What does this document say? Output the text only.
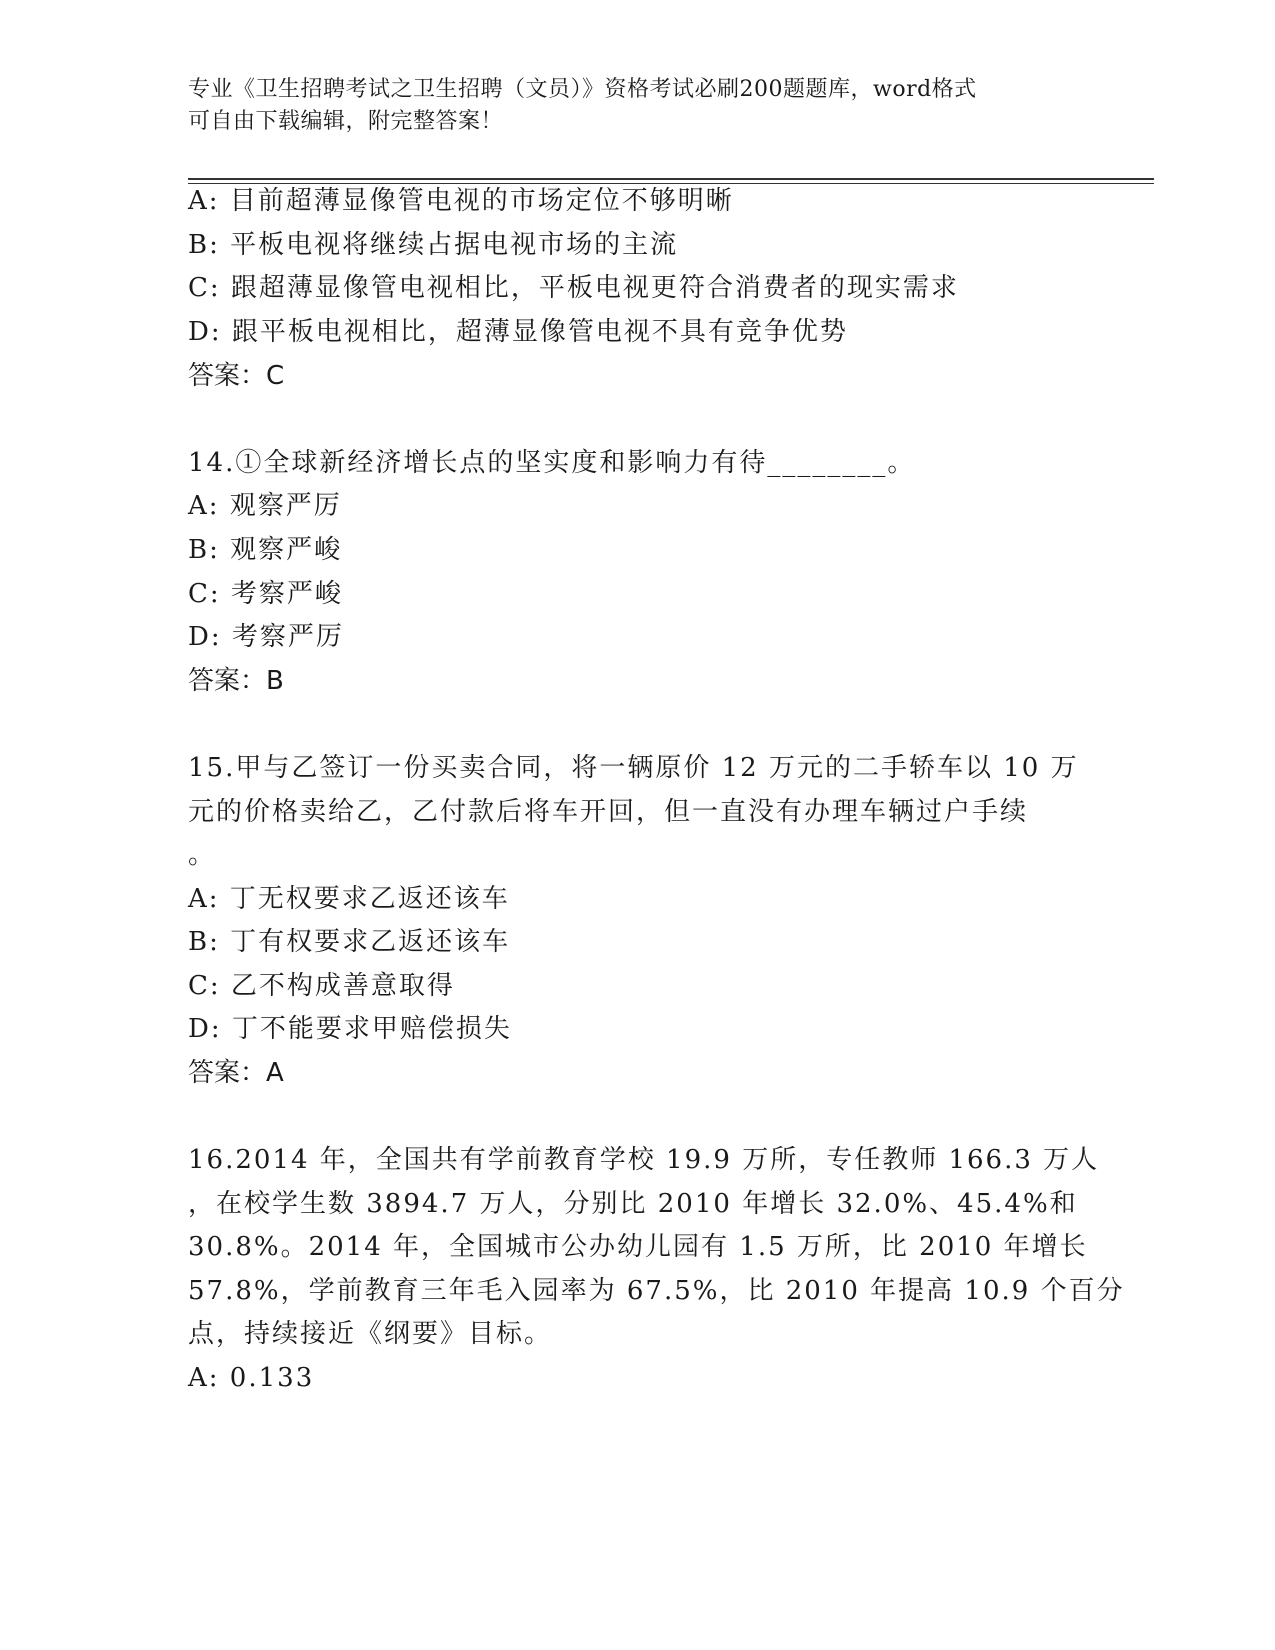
专业《卫生招聘考试之卫生招聘（文员）》资格考试必刷200题题库，word格式
可自由下载编辑，附完整答案！
A: 目前超薄显像管电视的市场定位不够明晰
B: 平板电视将继续占据电视市场的主流
C: 跟超薄显像管电视相比，平板电视更符合消费者的现实需求
D: 跟平板电视相比，超薄显像管电视不具有竞争优势
答案：C
14.①全球新经济增长点的坚实度和影响力有待________。
A: 观察严厉
B: 观察严峻
C: 考察严峻
D: 考察严厉
答案：B
15.甲与乙签订一份买卖合同，将一辆原价 12 万元的二手轿车以 10 万
元的价格卖给乙，乙付款后将车开回，但一直没有办理车辆过户手续
。
A: 丁无权要求乙返还该车
B: 丁有权要求乙返还该车
C: 乙不构成善意取得
D: 丁不能要求甲赔偿损失
答案：A
16.2014 年，全国共有学前教育学校 19.9 万所，专任教师 166.3 万人
，在校学生数 3894.7 万人，分别比 2010 年增长 32.0%、45.4%和
30.8%。2014 年，全国城市公办幼儿园有 1.5 万所，比 2010 年增长
57.8%，学前教育三年毛入园率为 67.5%，比 2010 年提高 10.9 个百分
点，持续接近《纲要》目标。
A: 0.133
